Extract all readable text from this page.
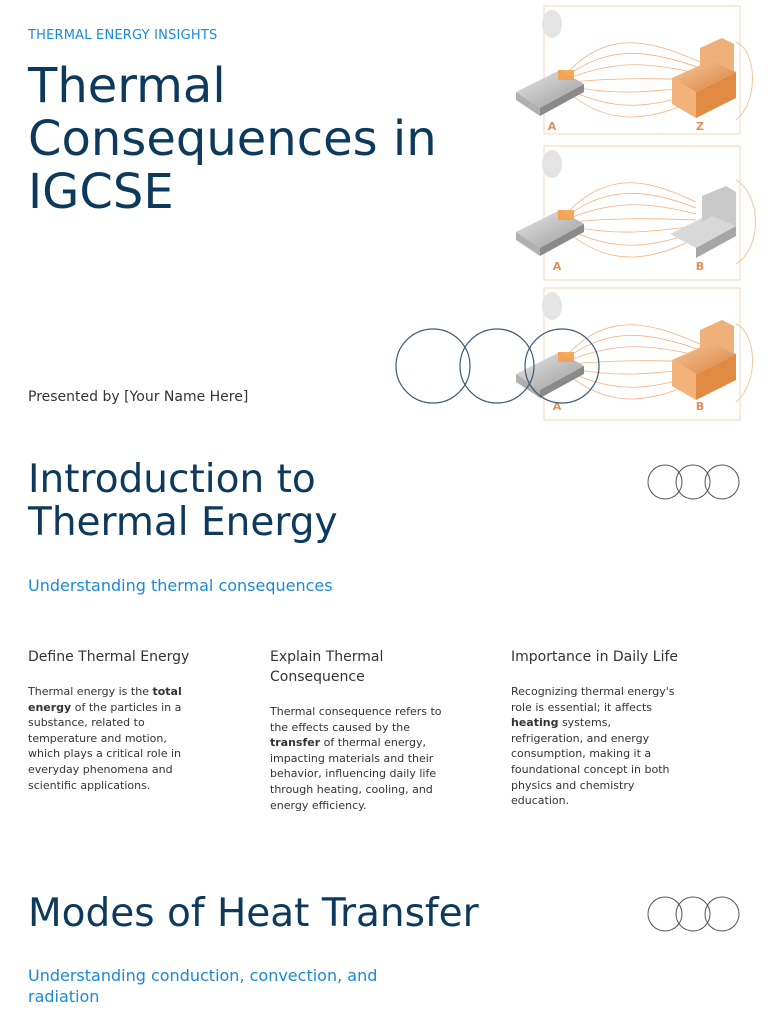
THERMAL ENERGY INSIGHTS
Thermal Consequences in IGCSE
Presented by [Your Name Here]
A	Z
A	B
A	B
Introduction to Thermal Energy
Understanding thermal consequences

Define Thermal Energy

Thermal energy is the total energy of the particles in a substance, related to temperature and motion, which plays a critical role in everyday phenomena and scientific applications.

Explain Thermal Consequence

Thermal consequence refers to the effects caused by the transfer of thermal energy, impacting materials and their behavior, influencing daily life through heating, cooling, and energy efficiency.

Importance in Daily Life

Recognizing thermal energy's role is essential; it affects heating systems, refrigeration, and energy consumption, making it a foundational concept in both physics and chemistry education.

Modes of Heat Transfer
Understanding conduction, convection, and radiation
